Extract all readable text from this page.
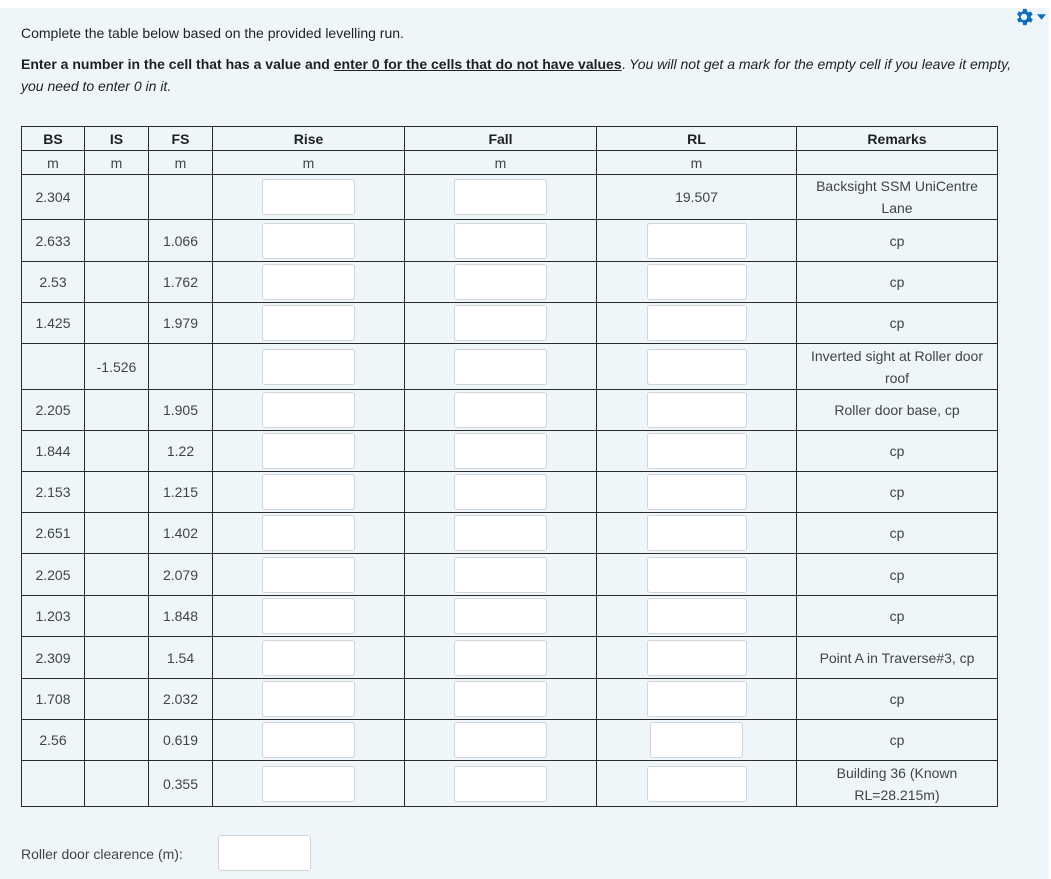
Complete the table below based on the provided levelling run.
Enter a number in the cell that has a value and enter 0 for the cells that do not have values. You will not get a mark for the empty cell if you leave it empty, you need to enter 0 in it.
BS	IS	FS	Rise	Fall	RL	Remarks
m	m	m	m	m	m	
2.304					19.507	Backsight SSM UniCentre
Lane

2.633		1.066				cp

2.53		1.762				cp

1.425		1.979				cp

	-1.526					Inverted sight at Roller door
roof

2.205		1.905				Roller door base, cp

1.844		1.22				cp

2.153		1.215				cp

2.651		1.402				cp

2.205		2.079				cp

1.203		1.848				cp

2.309		1.54				Point A in Traverse#3, cp

1.708		2.032				cp

2.56		0.619				cp

		0.355				Building 36 (Known
RL=28.215m)
Roller door clearence (m):
